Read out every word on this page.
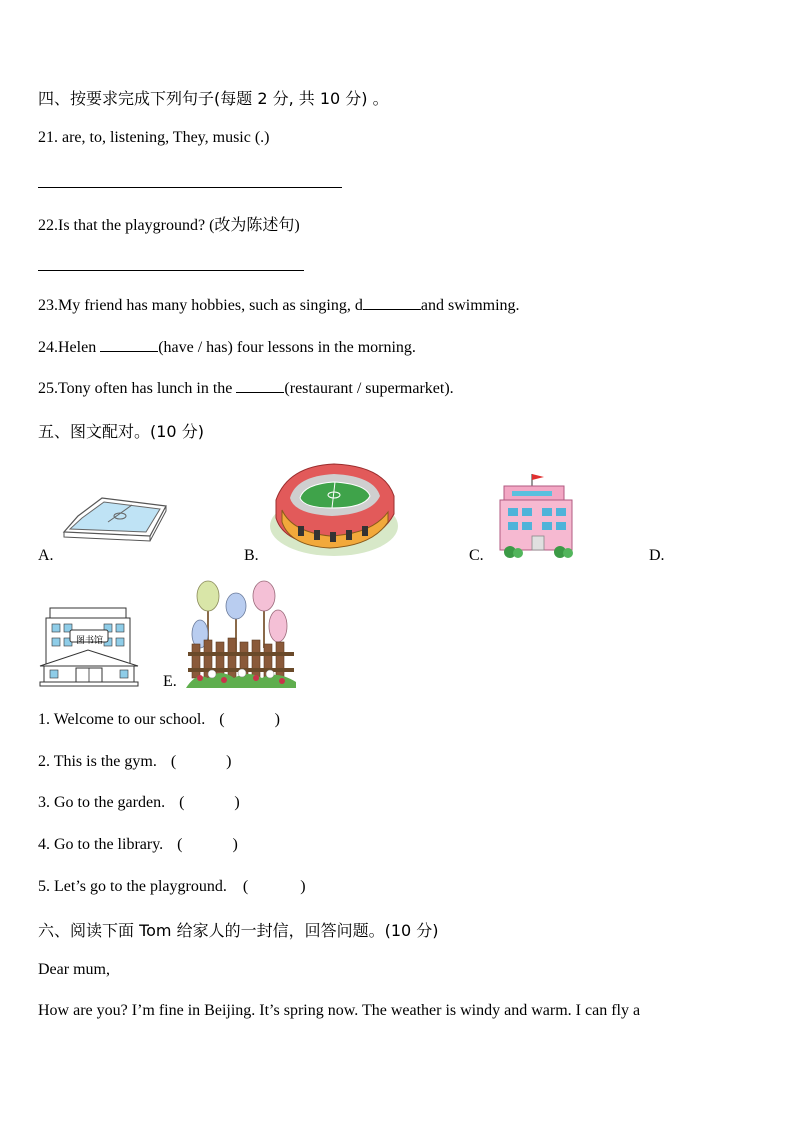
四、按要求完成下列句子(每题 2 分, 共 10 分) 。
21. are, to, listening, They, music (.)
22.Is that the playground? (改为陈述句)
23.My friend has many hobbies, such as singing, d	and swimming.
24.Helen	(have / has) four lessons in the morning.
25.Tony often has lunch in the	(restaurant / supermarket).
五、图文配对。(10 分)
A.	B.	C.	D.
图书馆
E.
1. Welcome to our school. (	)
2. This is the gym. (	)
3. Go to the garden. (	)
4. Go to the library. (	)
5. Let’s go to the playground. (	)
六、阅读下面 Tom 给家人的一封信，回答问题。(10 分)
Dear mum,
How are you? I’m fine in Beijing. It’s spring now. The weather is windy and warm. I can fly a
